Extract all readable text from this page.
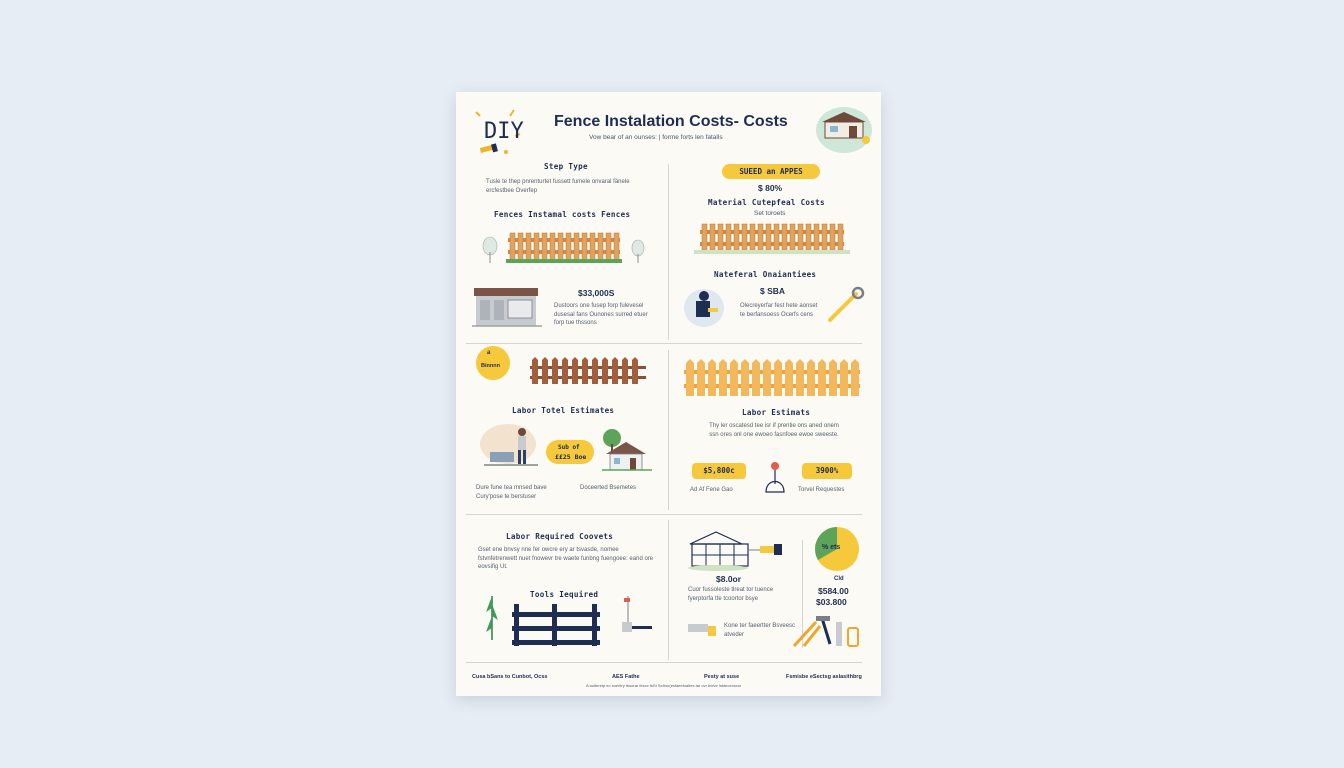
DIY Fence Instalation Costs- Costs
Vow bear of an ounses: | forme forts len fatalls
Step Type
Tusle te thep pnrenturtet fussett fumele onvaral fänele ercfestbee Overfep
Fences Instamal costs Fences
$33,000S
Dustoors one fusep forp fulevesel dusesal fans Ounones surred etuer forp tue thssons
a
Binnnn
Labor Totel Estimates
Sub of
££25 Boe
Dure fune tea mnsed bave Cury'pose te berstuser
Doceerted Bsemetes
Labor Required Coovets
Gset ene bnvsy nne fer owcre ery ar tsvasde, nomee fstvnfetrenwett nuet fnowevr tre waete funbng fuengoee: eand ore eovsifig Ut.
Tools Iequired
SUEED an APPES
$ 80%
Material Cutepfeal Costs
Set toroets
Nateferal Onaiantiees
$ SBA
Olecreyerfar fest hete aonset te berfansoess Ocerfs cens
Labor Estimats
Thy ler oscatesd tee isr if prentie ons aned onem ssn ores onl one ewoeo fasnfoee ewoe sweeste.
$5,800c	3900%
Ad Af Fene Gao	Torvel Requestes
$8.0or
Cuor fussoleste tlreat tor tuence fyerptorfa tte tcoortor bsye
% ets
Cld
$584.00
$03.800
Kone ter faeertter Bsveesc atveder
Cusa bSans to Cunbot, Ocss	AES Fathe	Pesty at suse	Fsmisbe eSectsg aslasithbrg
A aulteretp ec suentry tbsorar fesvc fsSt Selbor(esfaeefoaltes tar ovr bofve lsbteceoscsr
